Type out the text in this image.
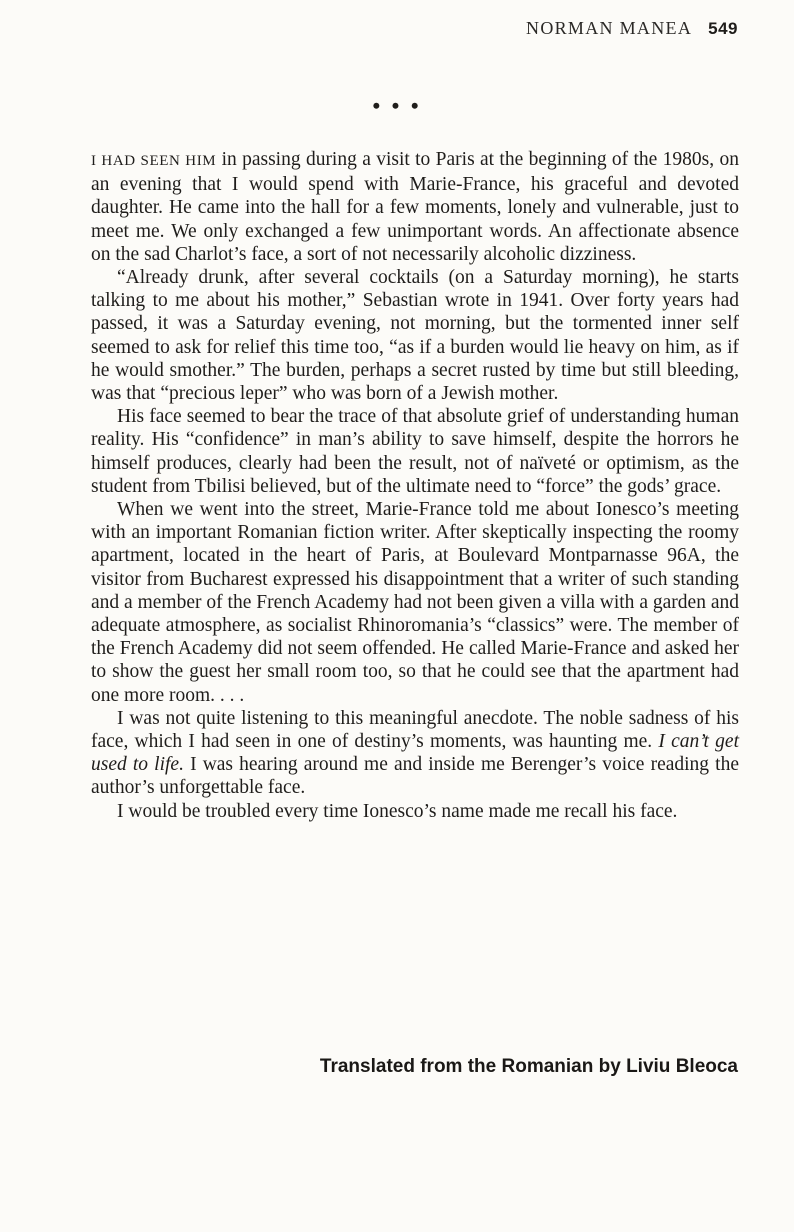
NORMAN MANEA 549
• • •

I HAD SEEN HIM in passing during a visit to Paris at the beginning of the 1980s, on an evening that I would spend with Marie-France, his graceful and devoted daughter. He came into the hall for a few moments, lonely and vulnerable, just to meet me. We only exchanged a few unimportant words. An affectionate absence on the sad Charlot’s face, a sort of not necessarily alcoholic dizziness.

“Already drunk, after several cocktails (on a Saturday morning), he starts talking to me about his mother,” Sebastian wrote in 1941. Over forty years had passed, it was a Saturday evening, not morning, but the tormented inner self seemed to ask for relief this time too, “as if a burden would lie heavy on him, as if he would smother.” The burden, perhaps a secret rusted by time but still bleeding, was that “precious leper” who was born of a Jewish mother.

His face seemed to bear the trace of that absolute grief of understanding human reality. His “confidence” in man’s ability to save himself, despite the horrors he himself produces, clearly had been the result, not of naïveté or optimism, as the student from Tbilisi believed, but of the ultimate need to “force” the gods’ grace.

When we went into the street, Marie-France told me about Ionesco’s meeting with an important Romanian fiction writer. After skeptically inspecting the roomy apartment, located in the heart of Paris, at Boulevard Montparnasse 96A, the visitor from Bucharest expressed his disappointment that a writer of such standing and a member of the French Academy had not been given a villa with a garden and adequate atmosphere, as socialist Rhinoromania’s “classics” were. The member of the French Academy did not seem offended. He called Marie-France and asked her to show the guest her small room too, so that he could see that the apartment had one more room. . . .

I was not quite listening to this meaningful anecdote. The noble sadness of his face, which I had seen in one of destiny’s moments, was haunting me. I can’t get used to life. I was hearing around me and inside me Berenger’s voice reading the author’s unforgettable face.

I would be troubled every time Ionesco’s name made me recall his face.

Translated from the Romanian by Liviu Bleoca
